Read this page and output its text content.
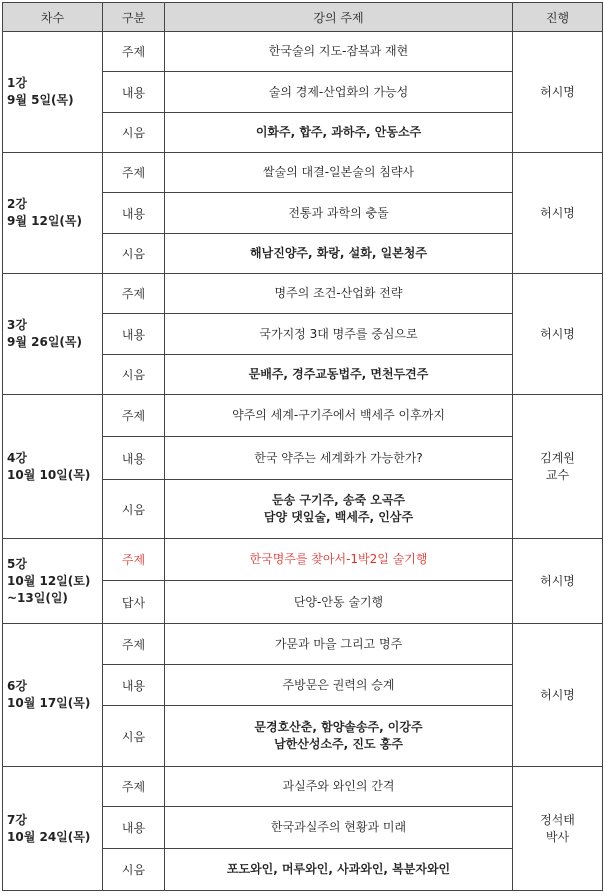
차수	구분	강의 주제	진행

1강
9월 5일(목)	주제	한국술의 지도-잠복과 재현	허시명

	내용	술의 경제-산업화의 가능성	

	시음	이화주, 합주, 과하주, 안동소주	

2강
9월 12일(목)	주제	쌀술의 대결-일본술의 침략사	허시명

	내용	전통과 과학의 충돌	

	시음	해남진양주, 화랑, 설화, 일본청주	

3강
9월 26일(목)	주제	명주의 조건-산업화 전략	허시명

	내용	국가지정 3대 명주를 중심으로	

	시음	문배주, 경주교동법주, 면천두견주	

4강
10월 10일(목)	주제	약주의 세계-구기주에서 백세주 이후까지	김계원
교수

	내용	한국 약주는 세계화가 가능한가?	

	시음	둔송 구기주, 송죽 오곡주
담양 댓잎술, 백세주, 인삼주	

5강
10월 12일(토)
~13일(일)	주제	한국명주를 찾아서-1박2일 술기행	허시명

	답사	단양-안동 술기행	

6강
10월 17일(목)	주제	가문과 마을 그리고 명주	허시명

	내용	주방문은 권력의 승계	

	시음	문경호산춘, 함양솔송주, 이강주
남한산성소주, 진도 홍주	

7강
10월 24일(목)	주제	과실주와 와인의 간격	정석태
박사

	내용	한국과실주의 현황과 미래	

	시음	포도와인, 머루와인, 사과와인, 복분자와인	
